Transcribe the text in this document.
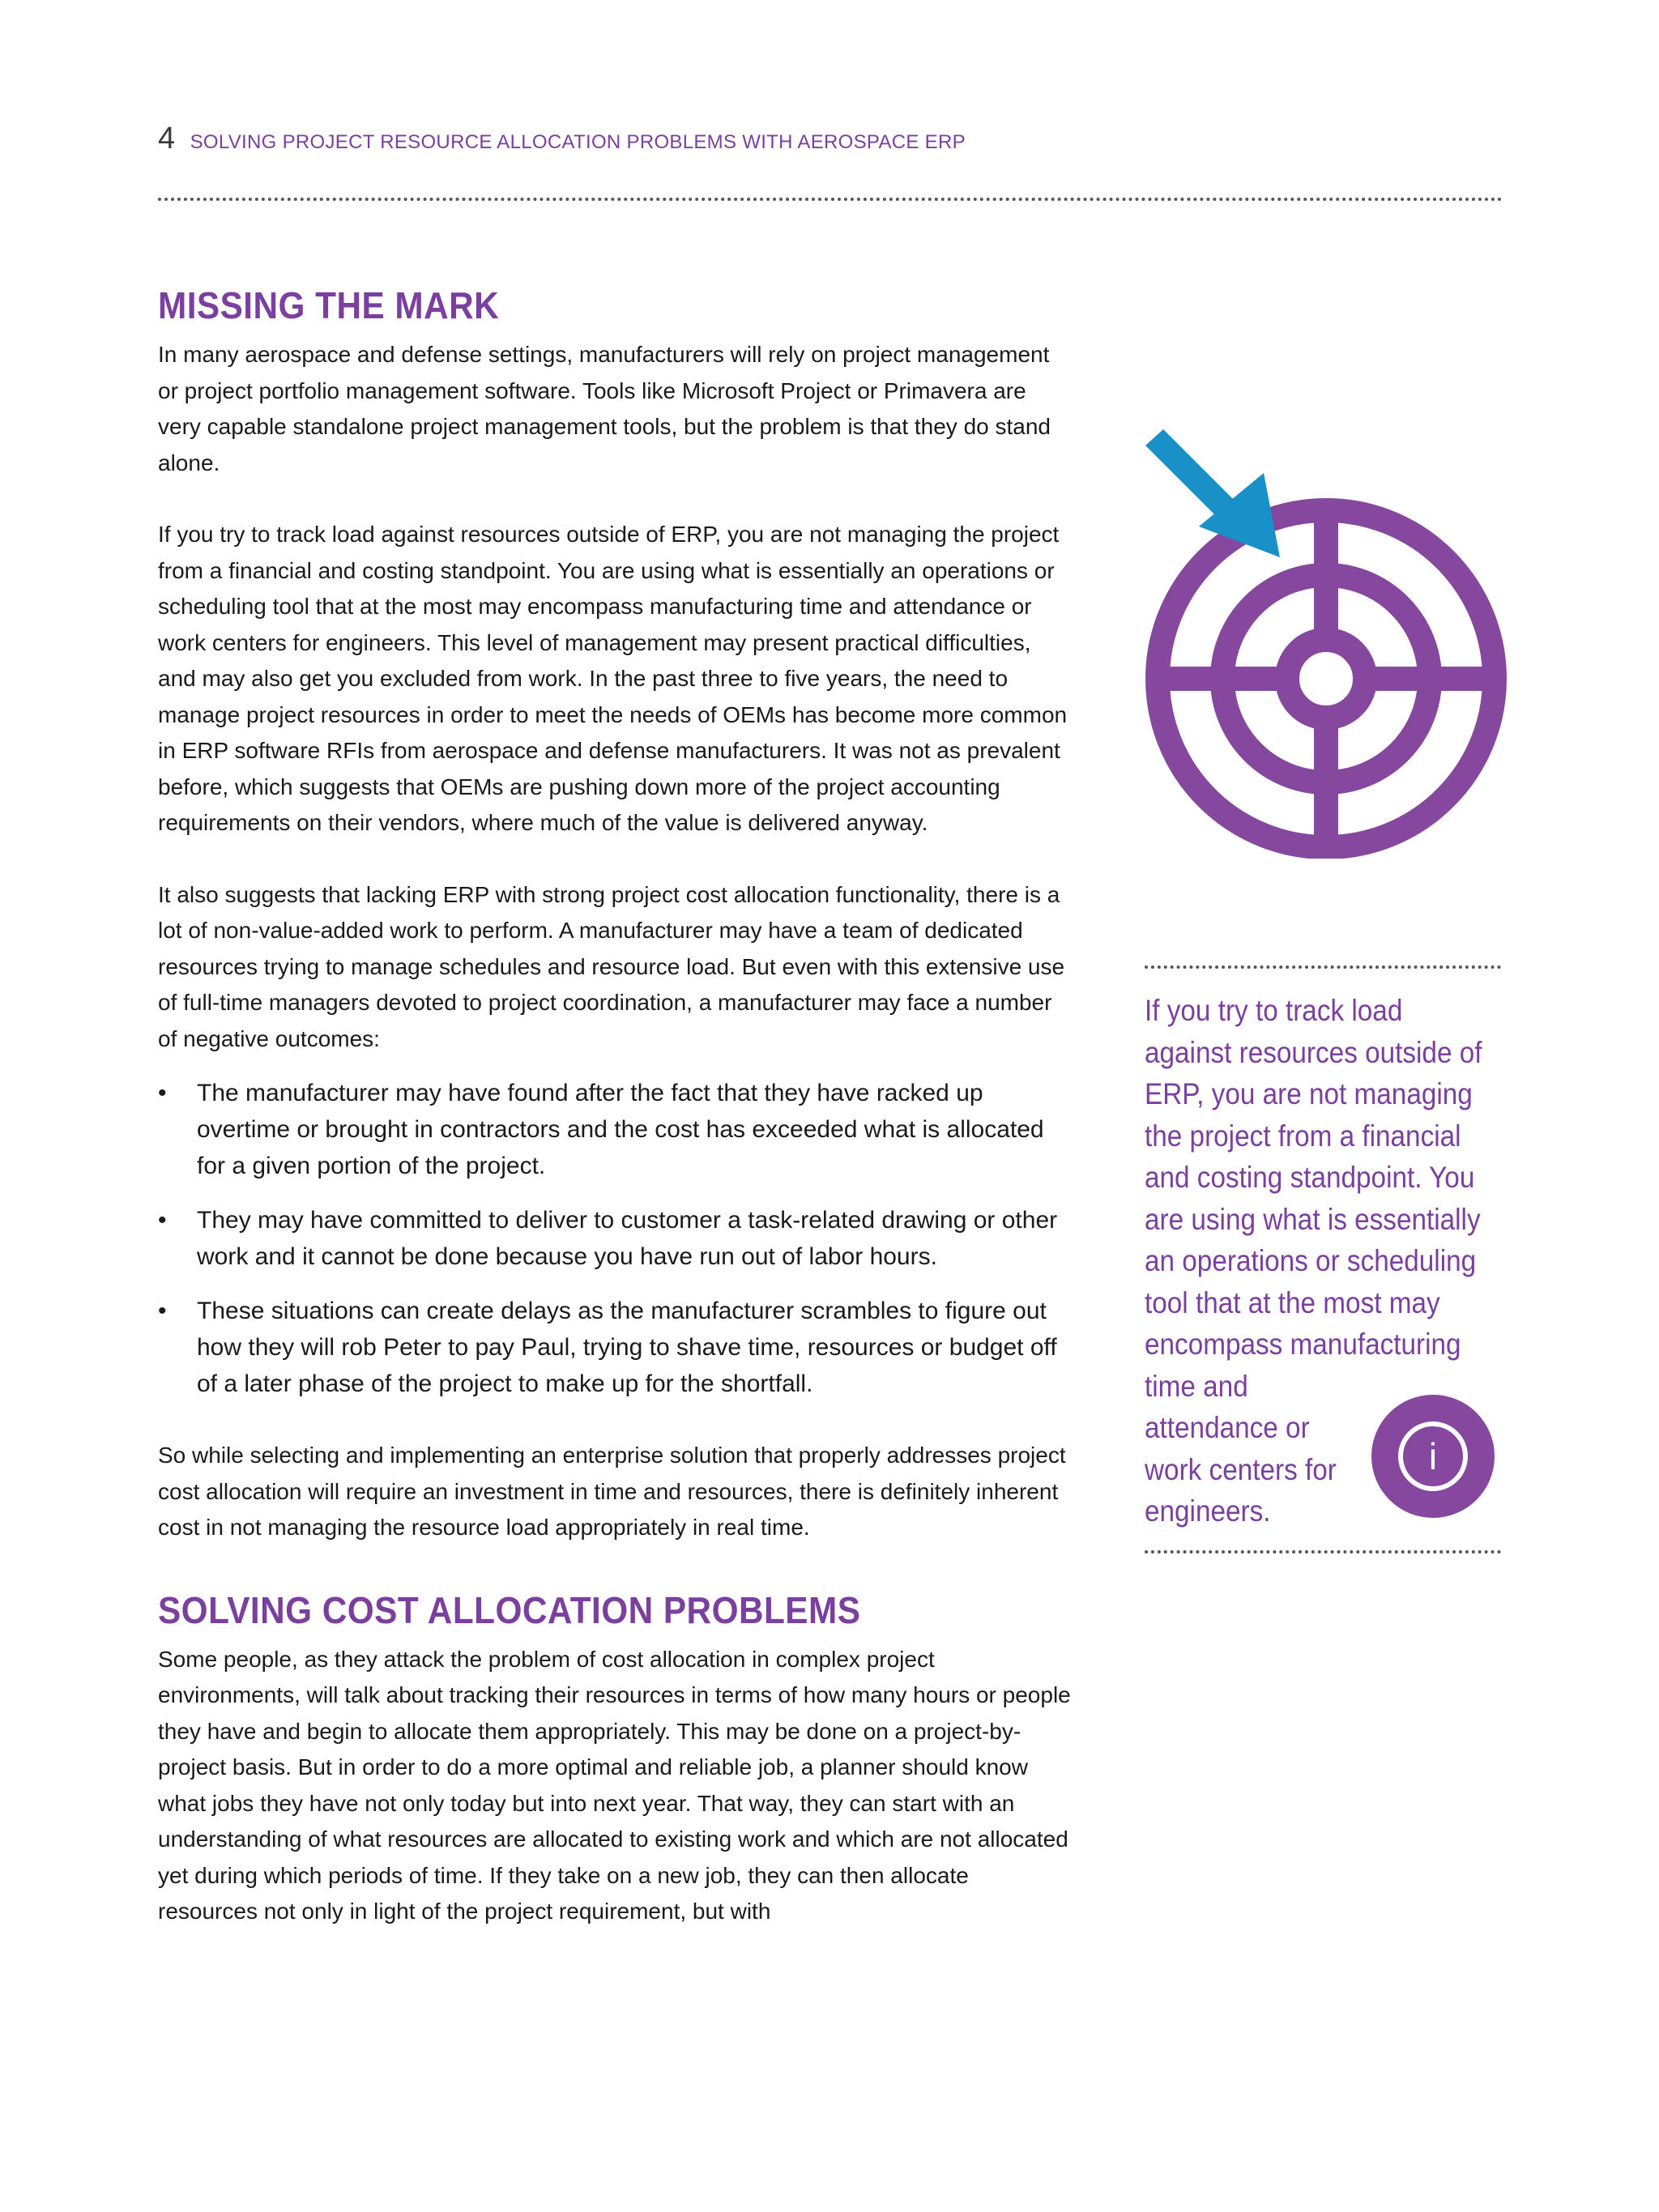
4 SOLVING PROJECT RESOURCE ALLOCATION PROBLEMS WITH AEROSPACE ERP
MISSING THE MARK

In many aerospace and defense settings, manufacturers will rely on project management or project portfolio management software. Tools like Microsoft Project or Primavera are very capable standalone project management tools, but the problem is that they do stand alone.

If you try to track load against resources outside of ERP, you are not managing the project from a financial and costing standpoint. You are using what is essentially an operations or scheduling tool that at the most may encompass manufacturing time and attendance or work centers for engineers. This level of management may present practical difficulties, and may also get you excluded from work. In the past three to five years, the need to manage project resources in order to meet the needs of OEMs has become more common in ERP software RFIs from aerospace and defense manufacturers. It was not as prevalent before, which suggests that OEMs are pushing down more of the project accounting requirements on their vendors, where much of the value is delivered anyway.

It also suggests that lacking ERP with strong project cost allocation functionality, there is a lot of non-value-added work to perform. A manufacturer may have a team of dedicated resources trying to manage schedules and resource load. But even with this extensive use of full-time managers devoted to project coordination, a manufacturer may face a number of negative outcomes:

• The manufacturer may have found after the fact that they have racked up overtime or brought in contractors and the cost has exceeded what is allocated for a given portion of the project.
• They may have committed to deliver to customer a task-related drawing or other work and it cannot be done because you have run out of labor hours.
• These situations can create delays as the manufacturer scrambles to figure out how they will rob Peter to pay Paul, trying to shave time, resources or budget off of a later phase of the project to make up for the shortfall.

So while selecting and implementing an enterprise solution that properly addresses project cost allocation will require an investment in time and resources, there is definitely inherent cost in not managing the resource load appropriately in real time.

SOLVING COST ALLOCATION PROBLEMS

Some people, as they attack the problem of cost allocation in complex project environments, will talk about tracking their resources in terms of how many hours or people they have and begin to allocate them appropriately. This may be done on a project-by-project basis. But in order to do a more optimal and reliable job, a planner should know what jobs they have not only today but into next year. That way, they can start with an understanding of what resources are allocated to existing work and which are not allocated yet during which periods of time. If they take on a new job, they can then allocate resources not only in light of the project requirement, but with

If you try to track load
against resources outside of
ERP, you are not managing
the project from a financial
and costing standpoint. You
are using what is essentially
an operations or scheduling
tool that at the most may
encompass manufacturing
time and
attendance or
work centers for
engineers.
i
